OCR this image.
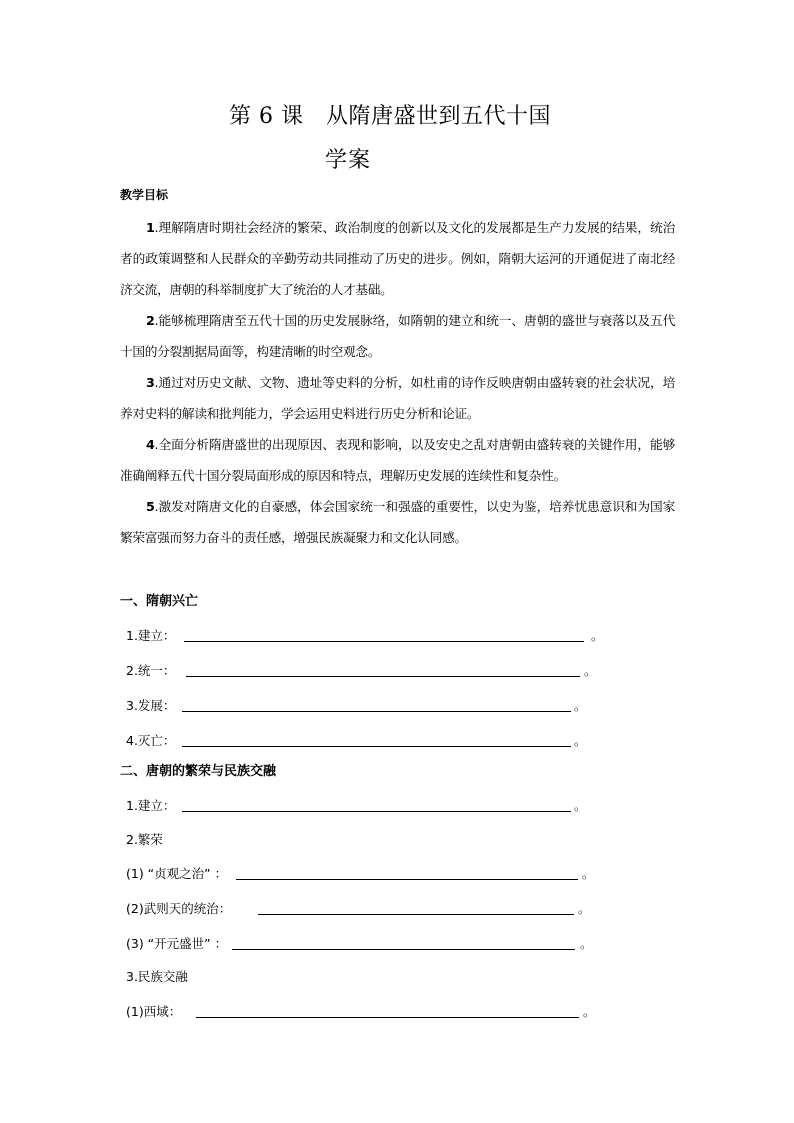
第 6 课　从隋唐盛世到五代十国
学案
教学目标

1.理解隋唐时期社会经济的繁荣、政治制度的创新以及文化的发展都是生产力发展的结果，统治者的政策调整和人民群众的辛勤劳动共同推动了历史的进步。例如，隋朝大运河的开通促进了南北经济交流，唐朝的科举制度扩大了统治的人才基础。

2.能够梳理隋唐至五代十国的历史发展脉络，如隋朝的建立和统一、唐朝的盛世与衰落以及五代十国的分裂割据局面等，构建清晰的时空观念。

3.通过对历史文献、文物、遗址等史料的分析，如杜甫的诗作反映唐朝由盛转衰的社会状况，培养对史料的解读和批判能力，学会运用史料进行历史分析和论证。

4.全面分析隋唐盛世的出现原因、表现和影响，以及安史之乱对唐朝由盛转衰的关键作用，能够准确阐释五代十国分裂局面形成的原因和特点，理解历史发展的连续性和复杂性。

5.激发对隋唐文化的自豪感，体会国家统一和强盛的重要性，以史为鉴，培养忧患意识和为国家繁荣富强而努力奋斗的责任感，增强民族凝聚力和文化认同感。

一、隋朝兴亡
1.建立：	。
2.统一：	。
3.发展：	。
4.灭亡：	。
二、唐朝的繁荣与民族交融
1.建立：	。
2.繁荣
(1) “贞观之治” ：	。
(2)武则天的统治：	。
(3) “开元盛世” ：	。
3.民族交融
(1)西域：	。
